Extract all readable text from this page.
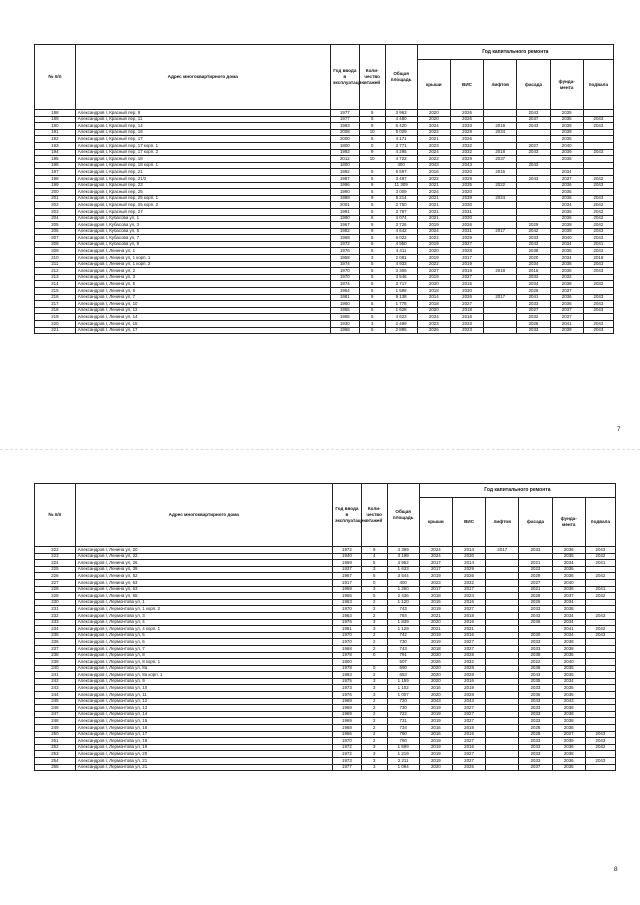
№ п/п	Адрес многоквартирного дома	Год ввода в эксплуатацию	Коли-чество этажей	Общая площадь	Год капитального ремонта					
					крыши	ВИС	лифтов	фасада	фунда-мента	подвала
188	Александров г, Красный пер, 9	1977	5	3 963	2020	2026		2043	2035	
189	Александров г, Красный пер, 11	1977	5	4 480	2020	2026		2037	2035	2043
190	Александров г, Красный пер, 14	1993	9	6 420	2024	2033	2018	2043	2039	2043
191	Александров г, Красный пер, 16	2008	10	5 029	2022	2029	2034		2039	
192	Александров г, Красный пер, 17	2000	5	4 171	2021	2026			2035	
193	Александров г, Красный пер, 17 корп. 1	1800	0	3 771	2023	2032		2027	2040	
194	Александров г, Красный пер, 17 корп. 2	1992	9	4 295	2024	2032	2018	2043	2039	2043
195	Александров г, Красный пер, 18	2012	10	4 722	2022	2029	2037		2036	
196	Александров г, Красный пер, 18 корп. 1	1800		400	2043	2043		2043		
197	Александров г, Красный пер, 21	1992	9	5 597	2016	2020	2016		2034	
198	Александров г, Красный пер, 21/2	1987	5	3 497	2022	2029		2043	2037	2042
199	Александров г, Красный пер, 23	1996	9	11 309	2021	2035	2022		2036	2043
200	Александров г, Красный пер, 25	1990	5	3 009	2024	2020			2035	
201	Александров г, Красный пер, 25 корп. 1	1989	9	5 214	2021	2039	2024		2036	2043
202	Александров г, Красный пер, 25 корп. 2	2001	5	2 750	2021	2030			2034	2042
203	Александров г, Красный пер, 27	1991	5	3 787	2021	2031			2035	2042
204	Александров г, Кубасова ул, 1	1990	6	4 074	2021	2030			2036	2042
205	Александров г, Кубасова ул, 3	1967	5	3 726	2019	2026		2029	2038	2042
206	Александров г, Кубасова ул, 5	1982	9	4 642	2024	2031	2017	2042	2039	2043
207	Александров г, Кубасова ул, 7	1969	5	6 022	2022	2029		2033	2040	2043
208	Александров г, Кубасова ул, 9	1972	5	4 950	2019	2027		2043	2034	2041
209	Александров г, Ленина ул, 1	1976	5	4 411	2020	2028		2038	2035	2043
210	Александров г, Ленина ул, 1 корп. 1	1958	3	2 081	2019	2017		2020	2034	2018
211	Александров г, Ленина ул, 1 корп. 2	1974	5	4 933	2022	2019		2034	2038	2043
212	Александров г, Ленина ул, 2	1970	5	3 306	2027	2019	2018	2016	2036	2043
213	Александров г, Ленина ул, 3	1970	5	3 546	2019	2027		2033	2032	
214	Александров г, Ленина ул, 5	1974	5	3 717	2020	2015		2034	2038	2032
215	Александров г, Ленина ул, 6	1964	5	1 598	2018	2030		2026	2037	
216	Александров г, Ленина ул, 7	1981	9	9 138	2014	2026	2017	2041	2036	2043
217	Александров г, Ленина ул, 10	1960	5	1 778	2018	2027		2033	2036	2043
218	Александров г, Ленина ул, 12	1965	5	1 628	2020	2018		2027	2037	2043
219	Александров г, Ленина ул, 14	1965	5	4 623	2024	2016		2032	2037	
220	Александров г, Ленина ул, 15	1930	3	2 499	2023	2033		2026	2041	2043
221	Александров г, Ленина ул, 17	1968	5	2 895	2026	2023		2033	2039	2043
7
№ п/п	Адрес многоквартирного дома	Год ввода в эксплуатацию	Коли-чество этажей	Общая площадь	Год капитального ремонта					
					крыши	ВИС	лифтов	фасада	фунда-мента	подвала
222	Александров г, Ленина ул, 20	1972	9	4 399	2024	2014	2017	2033	2036	2043
223	Александров г, Ленина ул, 22	1940	4	3 199	2024	2030			2035	2042
224	Александров г, Ленина ул, 26	1959	5	4 952	2017	2014		2021	2034	2041
225	Александров г, Ленина ул, 39	1937	3	1 633	2017	2029		2023	2036	
226	Александров г, Ленина ул, 52	1967	5	3 544	2019	2026		2029	2036	2042
227	Александров г, Ленина ул, 53	1917	0	400	2023	2032		2027	2040	
228	Александров г, Ленина ул, 63	1959	3	1 260	2017	2017		2021	2036	2041
229	Александров г, Ленина ул, 65	1965	5	2 436	2018	2024		2028	2037	2042
230	Александров г, Лермонтова ул, 1	1963	2	1 120	2016	2016		2026	2034	
231	Александров г, Лермонтова ул, 1 корп. 2	1970	2	743	2019	2027		2033	2038	
232	Александров г, Лермонтова ул, 3	1963	2	784	2021	2018		2043	2034	2043
233	Александров г, Лермонтова ул, 4	1976	3	1 839	2020	2016		2036	2034	
234	Александров г, Лермонтова ул, 4 корп. 1	1991	3	1 129	2021	2031			2041	2042
235	Александров г, Лермонтова ул, 5	1970	2	742	2019	2016		2030	2034	2043
236	Александров г, Лермонтова ул, 6	1970	2	730	2019	2027		2033	2038	
237	Александров г, Лермонтова ул, 7	1968	2	743	2018	2027		2033	2038	
238	Александров г, Лермонтова ул, 8	1978	0	791	2020	2028		2038	2035	
239	Александров г, Лермонтова ул, 8 корп. 1	1800		507	2026	2032		2022	2040	
240	Александров г, Лермонтова ул, 8а	1978	0	690	2020	2028		2038	2035	
241	Александров г, Лермонтова ул, 8а корп. 1	1983	2	653	2020	2028		2043	2035	
242	Александров г, Лермонтова ул, 9	1975	3	1 159	2020	2016		2035	2034	
243	Александров г, Лермонтова ул, 10	1973	3	1 102	2016	2019		2033	2035	
244	Александров г, Лермонтова ул, 11	1976	3	1 007	2020	2028		2036	2035	
245	Александров г, Лермонтова ул, 12	1969	2	720	2043	2043		2043	2043	
246	Александров г, Лермонтова ул, 13	1969	2	730	2019	2027		2033	2038	
247	Александров г, Лермонтова ул, 14	1969	2	722	2019	2027		2033	2038	
248	Александров г, Лермонтова ул, 15	1969	2	731	2019	2027		2033	2038	
249	Александров г, Лермонтова ул, 16	1968	2	734	2016	2019		2028	2036	
250	Александров г, Лермонтова ул, 17	1966	2	790	2016	2015		2028	2027	2043
251	Александров г, Лермонтова ул, 18	1970	2	760	2019	2027		2033	2039	2043
252	Александров г, Лермонтова ул, 19	1972	3	1 599	2019	2016		2033	2036	2042
253	Александров г, Лермонтова ул, 20	1972	3	1 219	2019	2027		2033	2038	
254	Александров г, Лермонтова ул, 21	1973	3	2 211	2019	2027		2033	2036	2043
255	Александров г, Лермонтова ул, 21	1977	3	1 094	2020	2026		2037	2035	
8
